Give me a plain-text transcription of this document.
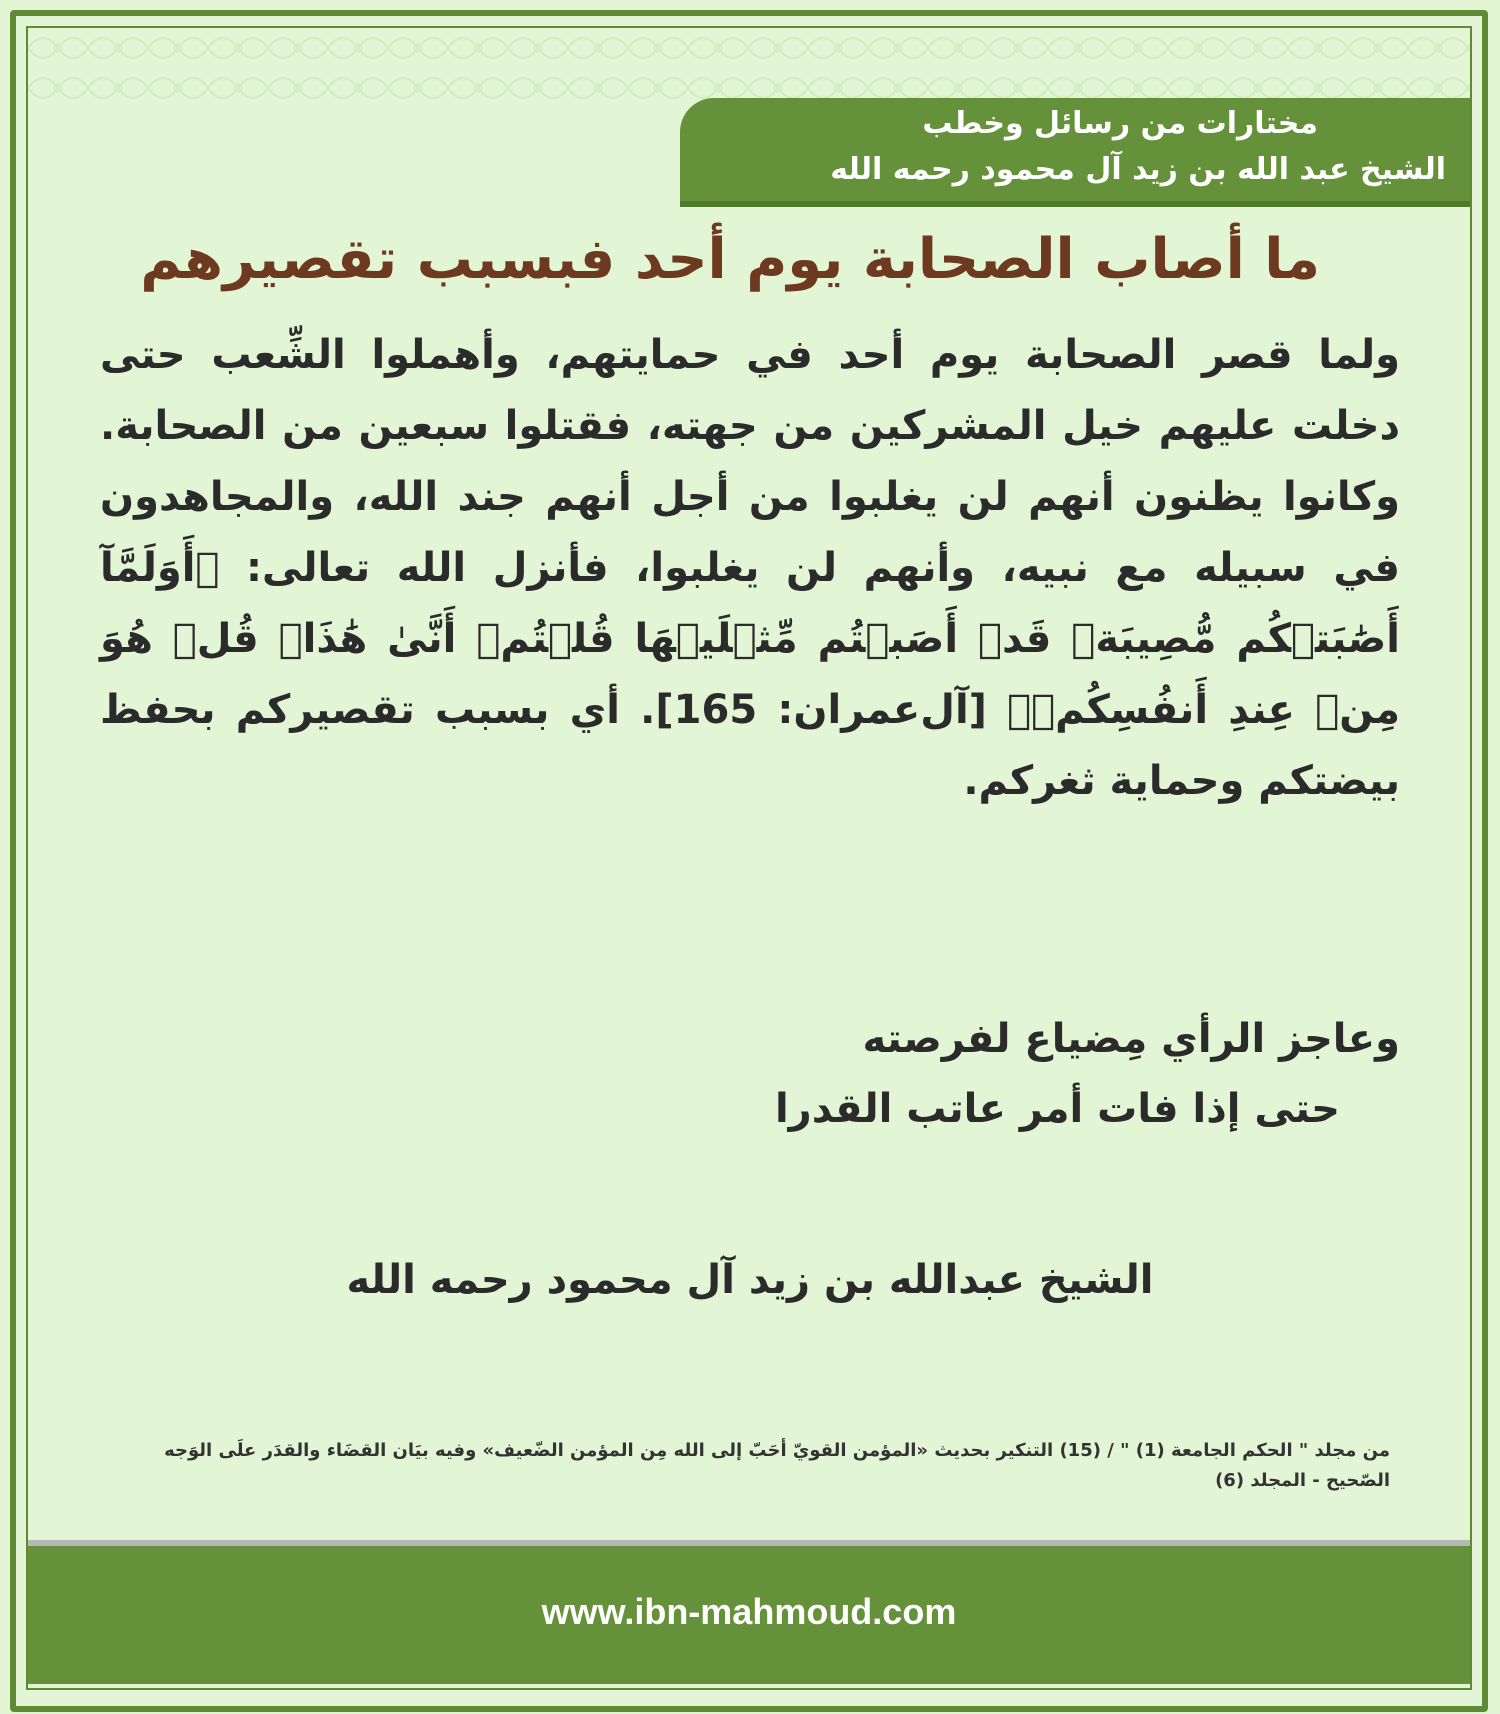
مختارات من رسائل وخطب
الشيخ عبد الله بن زيد آل محمود رحمه الله
ما أصاب الصحابة يوم أحد فبسبب تقصيرهم
ولما قصر الصحابة يوم أحد في حمايتهم، وأهملوا الشِّعب حتى دخلت عليهم خيل المشركين من جهته، فقتلوا سبعين من الصحابة. وكانوا يظنون أنهم لن يغلبوا من أجل أنهم جند الله، والمجاهدون في سبيله مع نبيه، وأنهم لن يغلبوا، فأنزل الله تعالى: ﴿أَوَلَمَّآ أَصَٰبَتۡكُم مُّصِيبَةٞ قَدۡ أَصَبۡتُم مِّثۡلَيۡهَا قُلۡتُمۡ أَنَّىٰ هَٰذَاۖ قُلۡ هُوَ مِنۡ عِندِ أَنفُسِكُمۡ﴾ [آل‌عمران: 165]. أي بسبب تقصيركم بحفظ بيضتكم وحماية ثغركم.
وعاجز الرأي مِضياع لفرصته
حتى إذا فات أمر عاتب القدرا
الشيخ عبدالله بن زيد آل محمود رحمه الله
من مجلد " الحكم الجامعة (1) " / (15) التنكير بحديث «المؤمن القويّ أحَبّ إلى الله مِن المؤمن الضّعيف» وفيه بيَان القضَاء والقدَر علَى الوَجه الصّحيح - المجلد (6)
www.ibn-mahmoud.com
